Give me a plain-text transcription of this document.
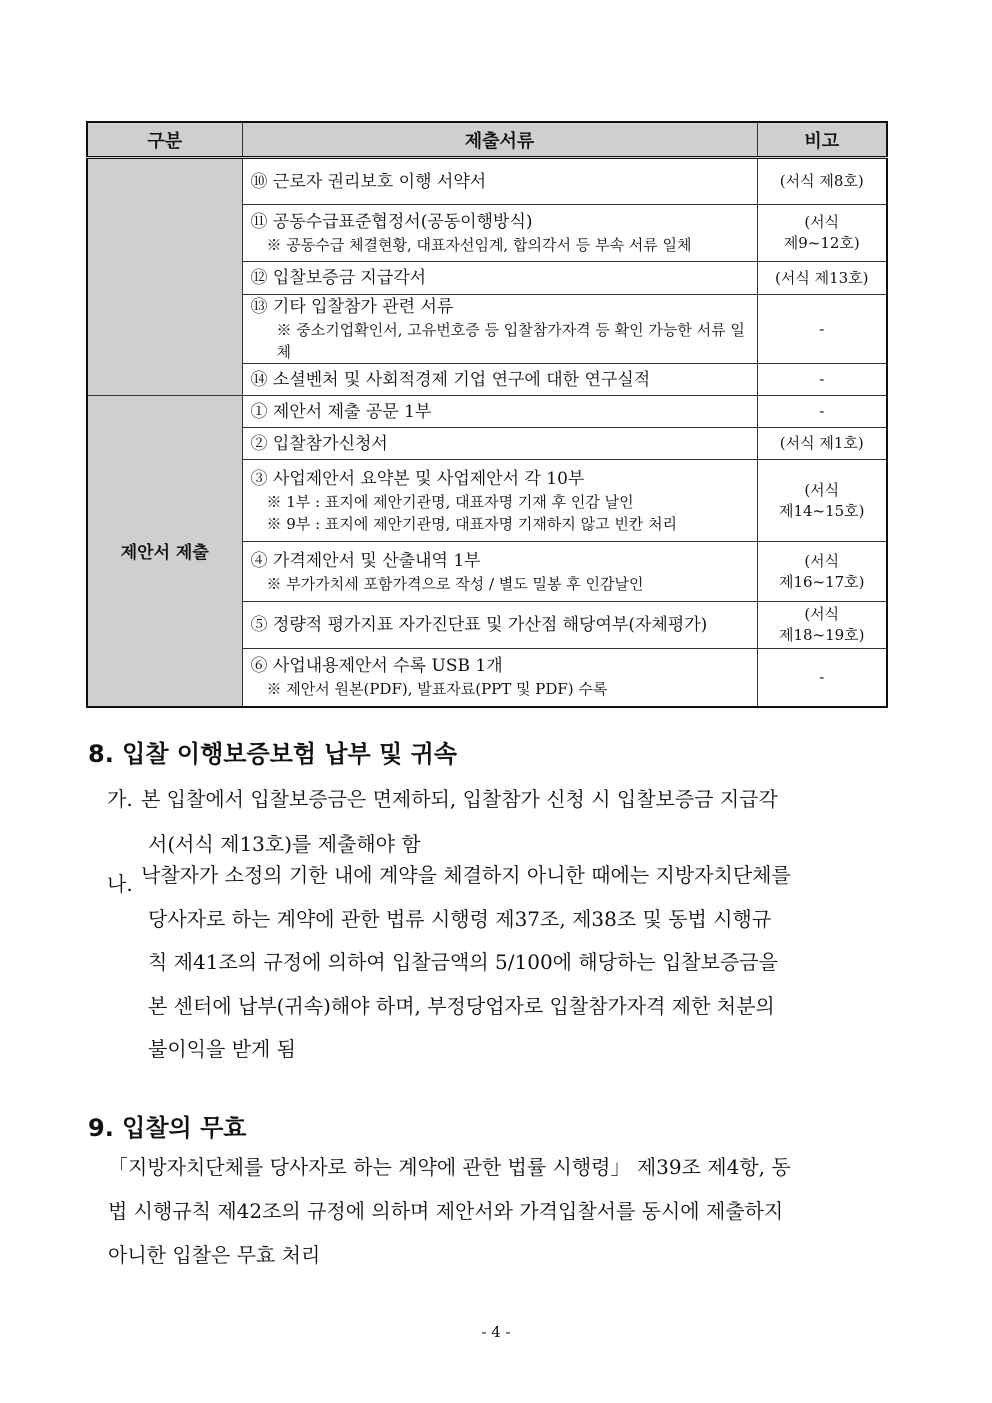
구분	제출서류	비고

	⑩ 근로자 권리보호 이행 서약서	(서식 제8호)

	⑪ 공동수급표준협정서(공동이행방식)
※ 공동수급 체결현황, 대표자선임계, 합의각서 등 부속 서류 일체	(서식
제9~12호)

	⑫ 입찰보증금 지급각서	(서식 제13호)

	⑬ 기타 입찰참가 관련 서류
※ 중소기업확인서, 고유번호증 등 입찰참가자격 등 확인 가능한 서류 일체	-

	⑭ 소셜벤처 및 사회적경제 기업 연구에 대한 연구실적	-
제안서 제출	① 제안서 제출 공문 1부	-

	② 입찰참가신청서	(서식 제1호)

	③ 사업제안서 요약본 및 사업제안서 각 10부
※ 1부 : 표지에 제안기관명, 대표자명 기재 후 인감 날인
※ 9부 : 표지에 제안기관명, 대표자명 기재하지 않고 빈칸 처리	(서식
제14~15호)

	④ 가격제안서 및 산출내역 1부
※ 부가가치세 포함가격으로 작성 / 별도 밀봉 후 인감날인	(서식
제16~17호)

	⑤ 정량적 평가지표 자가진단표 및 가산점 해당여부(자체평가)	(서식
제18~19호)

	⑥ 사업내용제안서 수록 USB 1개
※ 제안서 원본(PDF), 발표자료(PPT 및 PDF) 수록	-
8. 입찰 이행보증보험 납부 및 귀속
가. 본 입찰에서 입찰보증금은 면제하되, 입찰참가 신청 시 입찰보증금 지급각
서(서식 제13호)를 제출해야 함
나. 낙찰자가 소정의 기한 내에 계약을 체결하지 아니한 때에는 지방자치단체를
당사자로 하는 계약에 관한 법류 시행령 제37조, 제38조 및 동법 시행규
칙 제41조의 규정에 의하여 입찰금액의 5/100에 해당하는 입찰보증금을
본 센터에 납부(귀속)해야 하며, 부정당업자로 입찰참가자격 제한 처분의
불이익을 받게 됨
9. 입찰의 무효
「지방자치단체를 당사자로 하는 계약에 관한 법률 시행령」 제39조 제4항, 동
법 시행규칙 제42조의 규정에 의하며 제안서와 가격입찰서를 동시에 제출하지
아니한 입찰은 무효 처리
- 4 -
